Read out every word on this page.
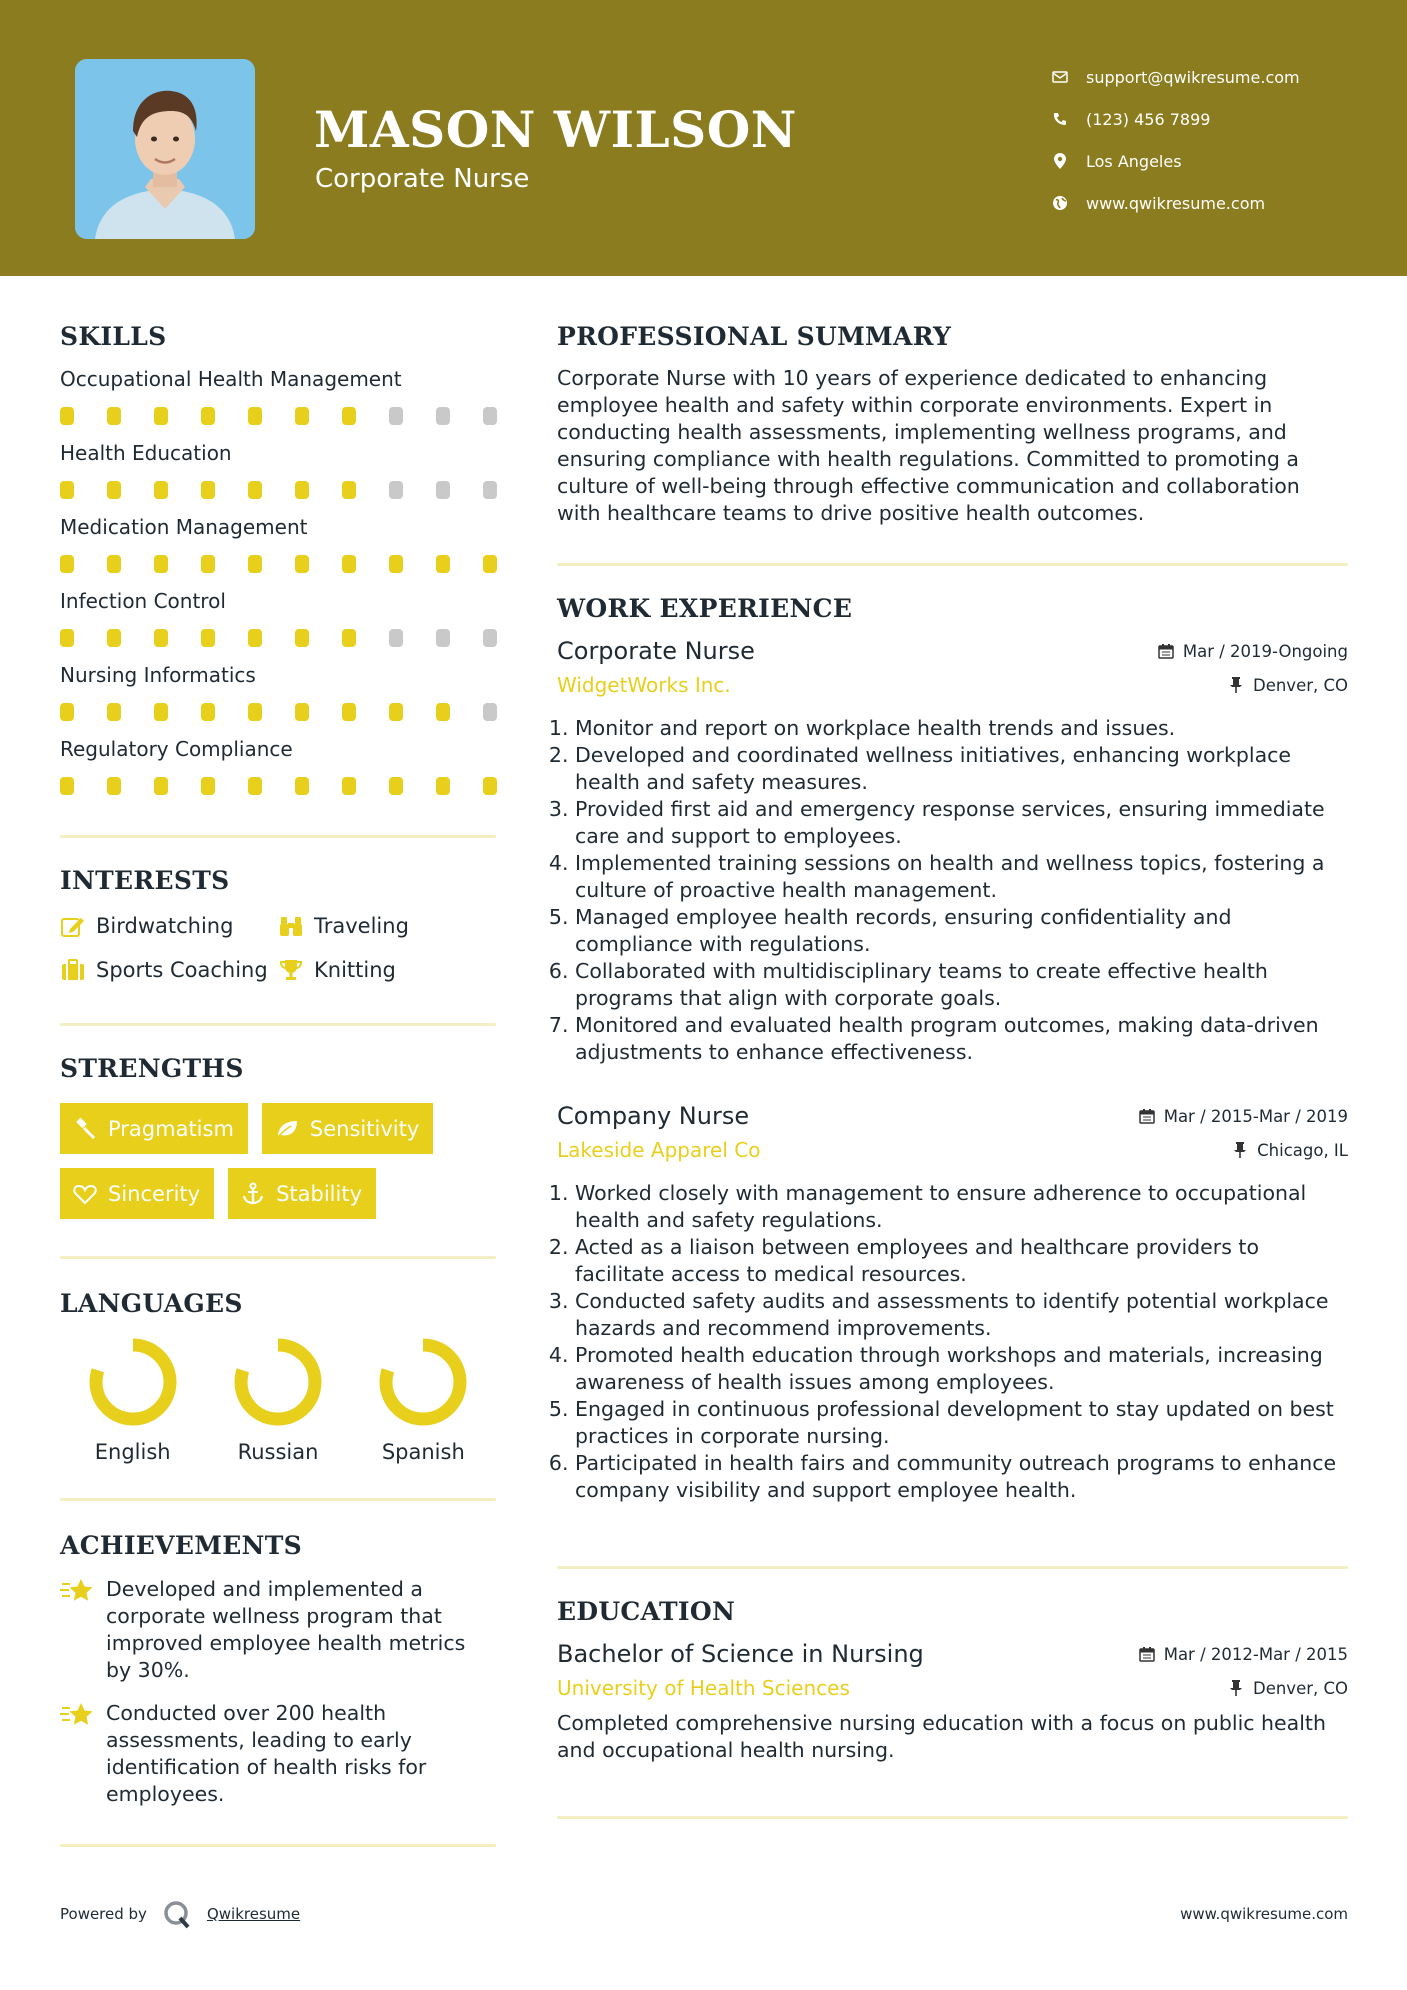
MASON WILSON
Corporate Nurse
support@qwikresume.com
(123) 456 7899
Los Angeles
www.qwikresume.com
SKILLS
Occupational Health Management
Health Education
Medication Management
Infection Control
Nursing Informatics
Regulatory Compliance
INTERESTS
Birdwatching	Traveling
Sports Coaching Knitting
STRENGTHS
Pragmatism	Sensitivity
Sincerity	Stability
LANGUAGES
English	Russian	Spanish
ACHIEVEMENTS
Developed and implemented a corporate wellness program that improved employee health metrics by 30%.
Conducted over 200 health assessments, leading to early identification of health risks for employees.
PROFESSIONAL SUMMARY
Corporate Nurse with 10 years of experience dedicated to enhancing employee health and safety within corporate environments. Expert in conducting health assessments, implementing wellness programs, and ensuring compliance with health regulations. Committed to promoting a culture of well-being through effective communication and collaboration with healthcare teams to drive positive health outcomes.
WORK EXPERIENCE
Corporate Nurse	Mar / 2019-Ongoing
WidgetWorks Inc.	Denver, CO
1. Monitor and report on workplace health trends and issues.
2. Developed and coordinated wellness initiatives, enhancing workplace health and safety measures.
3. Provided first aid and emergency response services, ensuring immediate care and support to employees.
4. Implemented training sessions on health and wellness topics, fostering a culture of proactive health management.
5. Managed employee health records, ensuring confidentiality and compliance with regulations.
6. Collaborated with multidisciplinary teams to create effective health programs that align with corporate goals.
7. Monitored and evaluated health program outcomes, making data-driven adjustments to enhance effectiveness.
Company Nurse	Mar / 2015-Mar / 2019
Lakeside Apparel Co	Chicago, IL
1. Worked closely with management to ensure adherence to occupational health and safety regulations.
2. Acted as a liaison between employees and healthcare providers to facilitate access to medical resources.
3. Conducted safety audits and assessments to identify potential workplace hazards and recommend improvements.
4. Promoted health education through workshops and materials, increasing awareness of health issues among employees.
5. Engaged in continuous professional development to stay updated on best practices in corporate nursing.
6. Participated in health fairs and community outreach programs to enhance company visibility and support employee health.
EDUCATION
Bachelor of Science in Nursing	Mar / 2012-Mar / 2015
University of Health Sciences	Denver, CO
Completed comprehensive nursing education with a focus on public health and occupational health nursing.
Powered by	Qwikresume	www.qwikresume.com
